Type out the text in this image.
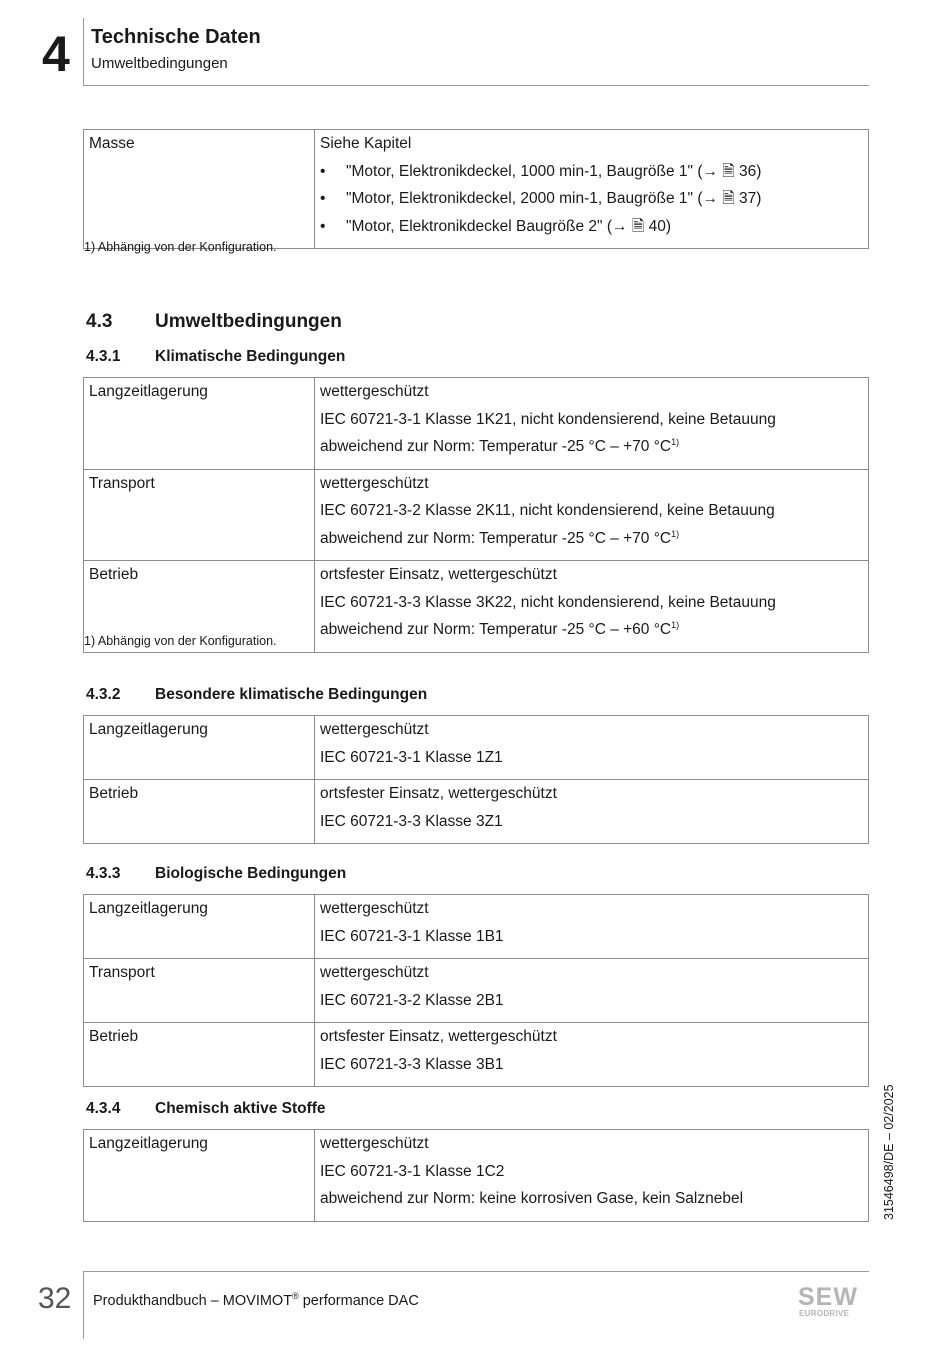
4 Technische Daten
Umweltbedingungen
Masse	Siehe Kapitel
• "Motor, Elektronikdeckel, 1000 min-1, Baugröße 1" (→ 🗎 36)
• "Motor, Elektronikdeckel, 2000 min-1, Baugröße 1" (→ 🗎 37)
• "Motor, Elektronikdeckel Baugröße 2" (→ 🗎 40)
1) Abhängig von der Konfiguration.
4.3 Umweltbedingungen
4.3.1 Klimatische Bedingungen
Langzeitlagerung	wettergeschützt
IEC 60721-3-1 Klasse 1K21, nicht kondensierend, keine Betauung
abweichend zur Norm: Temperatur -25 °C – +70 $^\circ C^{1)}$

Transport	wettergeschützt
IEC 60721-3-2 Klasse 2K11, nicht kondensierend, keine Betauung
abweichend zur Norm: Temperatur -25 °C – +70 $^\circ C^{1)}$

Betrieb	ortsfester Einsatz, wettergeschützt
IEC 60721-3-3 Klasse 3K22, nicht kondensierend, keine Betauung
abweichend zur Norm: Temperatur -25 °C – +60 $^\circ C^{1)}$
1) Abhängig von der Konfiguration.
4.3.2 Besondere klimatische Bedingungen
Langzeitlagerung	wettergeschützt
IEC 60721-3-1 Klasse 1Z1

Betrieb	ortsfester Einsatz, wettergeschützt
IEC 60721-3-3 Klasse 3Z1
4.3.3 Biologische Bedingungen
Langzeitlagerung	wettergeschützt
IEC 60721-3-1 Klasse 1B1

Transport	wettergeschützt
IEC 60721-3-2 Klasse 2B1

Betrieb	ortsfester Einsatz, wettergeschützt
IEC 60721-3-3 Klasse 3B1
4.3.4 Chemisch aktive Stoffe
Langzeitlagerung	wettergeschützt
IEC 60721-3-1 Klasse 1C2
abweichend zur Norm: keine korrosiven Gase, kein Salznebel	31546498/DE – 02/2025
32 Produkthandbuch – MOVIMOT® performance DAC	SEW
EURODRIVE
